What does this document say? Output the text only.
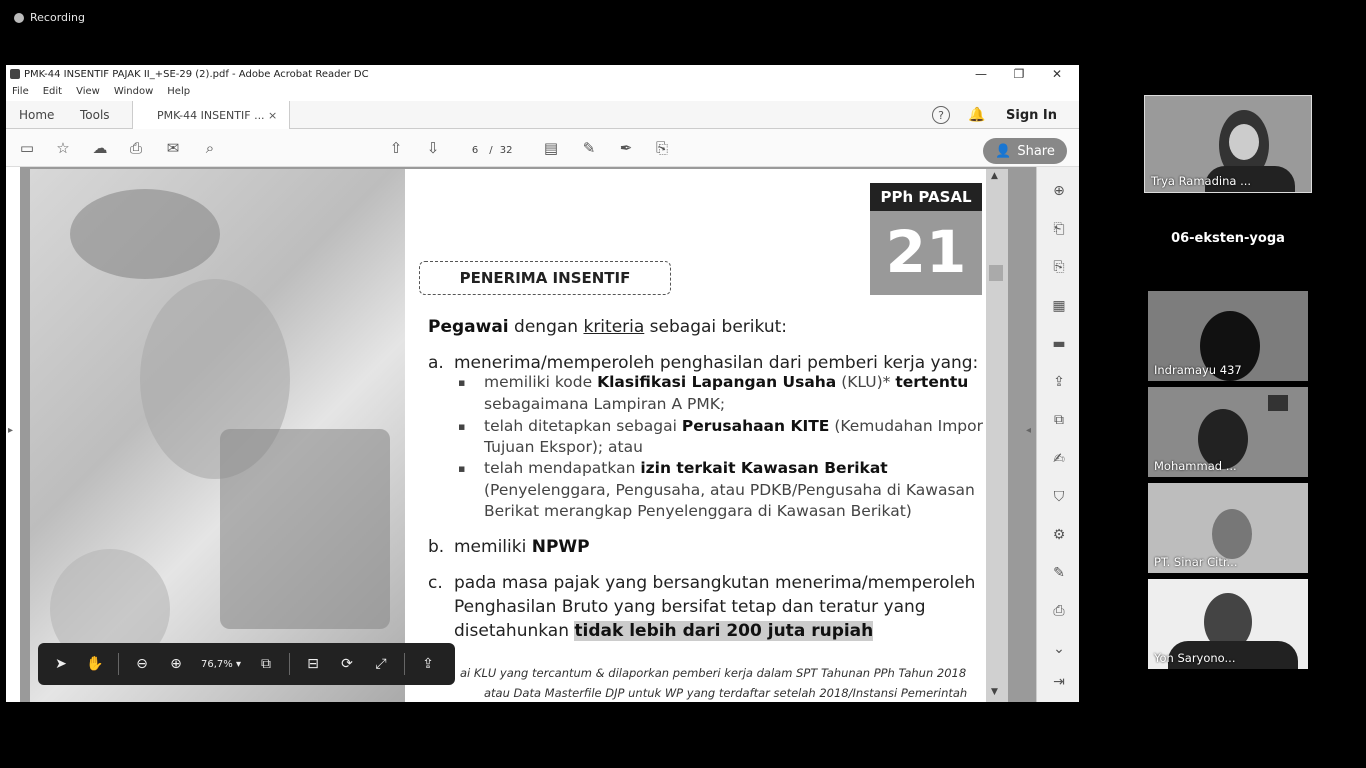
Recording
PMK-44 INSENTIF PAJAK II_+SE-29 (2).pdf - Adobe Acrobat Reader DC	—	❐	✕
File Edit View Window Help
Home Tools	PMK-44 INSENTIF ... ×	?	🔔 Sign In
▭ ☆ ☁ ⎙ ✉	⌕	⇧ ⇩	▤ ✎ ✒ ⎘
6 / 32	👤 Share
▸
PPh PASAL
21
PENERIMA INSENTIF
Pegawai dengan kriteria sebagai berikut:
a. menerima/memperoleh penghasilan dari pemberi kerja yang:
▪ memiliki kode Klasifikasi Lapangan Usaha (KLU)* tertentu
sebagaimana Lampiran A PMK;
▪ telah ditetapkan sebagai Perusahaan KITE (Kemudahan Impor
Tujuan Ekspor); atau
▪ telah mendapatkan izin terkait Kawasan Berikat
(Penyelenggara, Pengusaha, atau PDKB/Pengusaha di Kawasan
Berikat merangkap Penyelenggara di Kawasan Berikat)
b. memiliki NPWP
c. pada masa pajak yang bersangkutan menerima/memperoleh
Penghasilan Bruto yang bersifat tetap dan teratur yang
disetahunkan tidak lebih dari 200 juta rupiah
ai KLU yang tercantum & dilaporkan pemberi kerja dalam SPT Tahunan PPh Tahun 2018
atau Data Masterfile DJP untuk WP yang terdaftar setelah 2018/Instansi Pemerintah
▲
▼
◂
⊕
⎗
⎘
▦
▬
⇪
⧉
✍
⛉
⚙
✎
⎙
⌄
⇥
➤	✋	⊖	⊕	76,7% ▾	⧉	⊟	⟳	⤢	⇪
Trya Ramadina ...
06-eksten-yoga
Indramayu 437
Mohammad ...
PT. Sinar Citr...
Yon Saryono...
